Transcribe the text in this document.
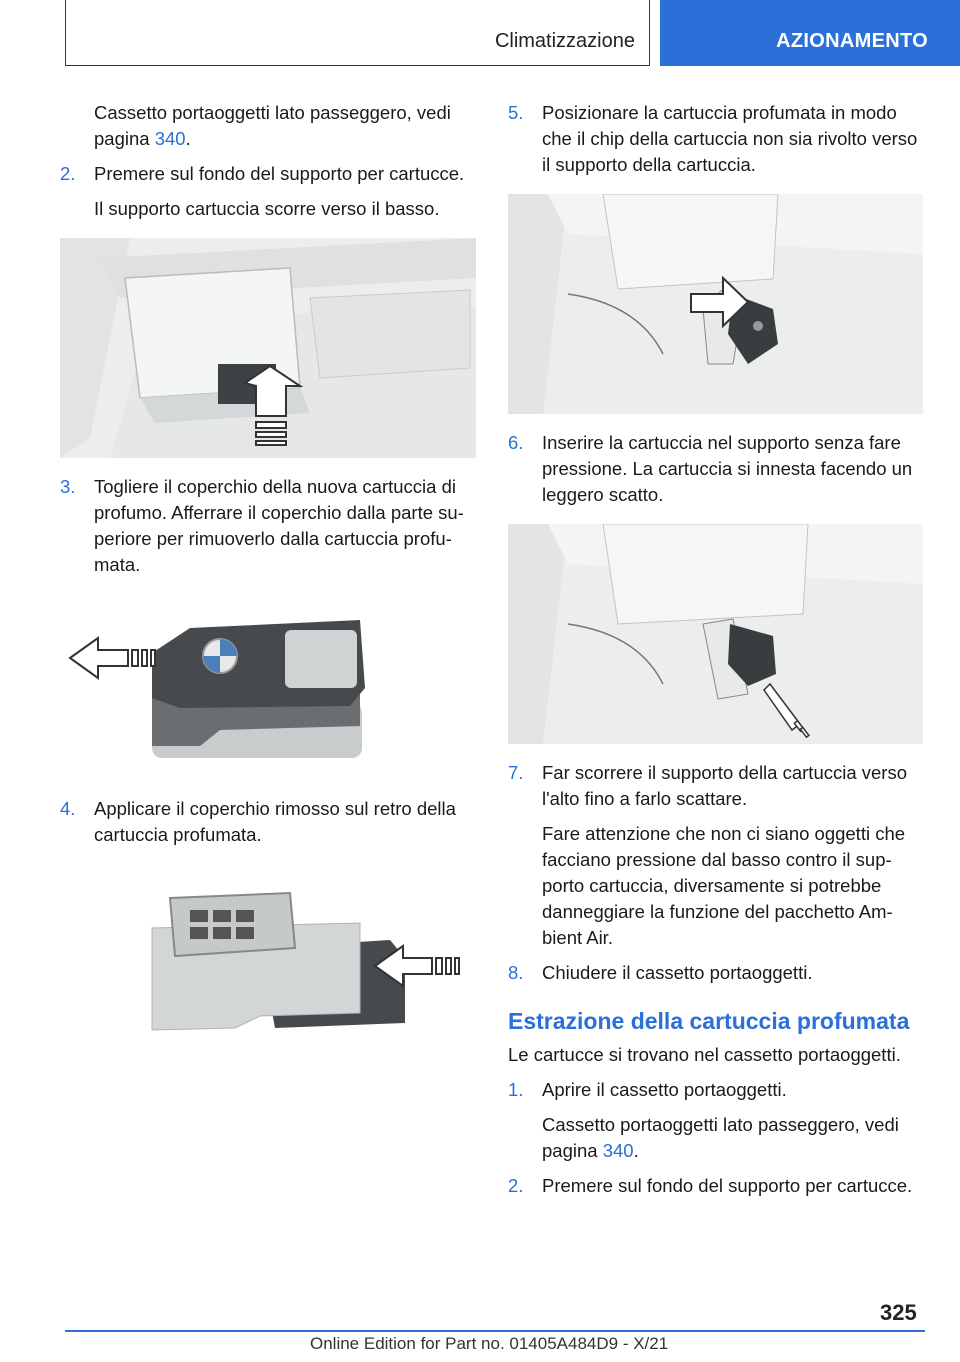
Climatizzazione	AZIONAMENTO

Cassetto portaoggetti lato passeggero, vedi
pagina 340.

2. Premere sul fondo del supporto per cartucce.

Il supporto cartuccia scorre verso il basso.

3. Togliere il coperchio della nuova cartuccia di
profumo. Afferrare il coperchio dalla parte su‐
periore per rimuoverlo dalla cartuccia profu‐
mata.
4. Applicare il coperchio rimosso sul retro della
cartuccia profumata.
5. Posizionare la cartuccia profumata in modo
che il chip della cartuccia non sia rivolto verso
il supporto della cartuccia.
6. Inserire la cartuccia nel supporto senza fare
pressione. La cartuccia si innesta facendo un
leggero scatto.
7. Far scorrere il supporto della cartuccia verso
l'alto fino a farlo scattare.

Fare attenzione che non ci siano oggetti che
facciano pressione dal basso contro il sup‐
porto cartuccia, diversamente si potrebbe
danneggiare la funzione del pacchetto Am‐
bient Air.

8. Chiudere il cassetto portaoggetti.
Estrazione della cartuccia profumata

Le cartucce si trovano nel cassetto portaoggetti.

1. Aprire il cassetto portaoggetti.

Cassetto portaoggetti lato passeggero, vedi
pagina 340.

2. Premere sul fondo del supporto per cartucce.
325
Online Edition for Part no. 01405A484D9 - X/21
